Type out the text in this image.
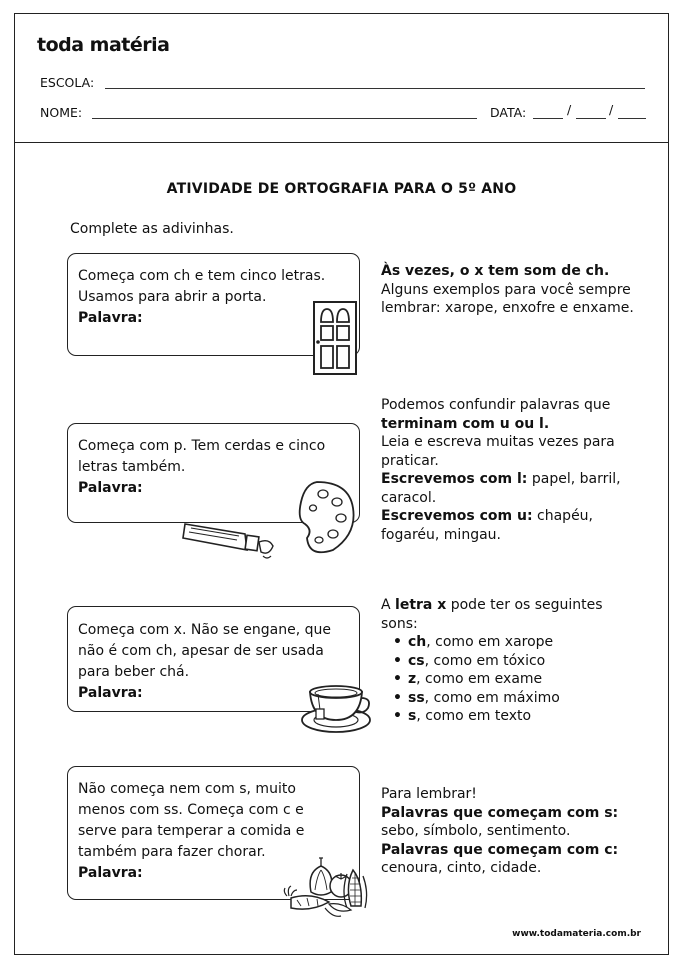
toda matéria
ESCOLA:
NOME:	DATA:	/	/
ATIVIDADE DE ORTOGRAFIA PARA O 5º ANO
Complete as adivinhas.
Começa com ch e tem cinco letras.
Usamos para abrir a porta.
Palavra:
Às vezes, o x tem som de ch.
Alguns exemplos para você sempre lembrar: xarope, enxofre e enxame.
Começa com p. Tem cerdas e cinco
letras também.
Palavra:
Podemos confundir palavras que terminam com u ou l.
Leia e escreva muitas vezes para praticar.
Escrevemos com l: papel, barril, caracol.
Escrevemos com u: chapéu, fogaréu, mingau.
Começa com x. Não se engane, que
não é com ch, apesar de ser usada
para beber chá.
Palavra:
A letra x pode ter os seguintes sons:
• ch, como em xarope
• cs, como em tóxico
• z, como em exame
• ss, como em máximo
• s, como em texto
Não começa nem com s, muito
menos com ss. Começa com c e
serve para temperar a comida e
também para fazer chorar.
Palavra:
Para lembrar!
Palavras que começam com s:
sebo, símbolo, sentimento.
Palavras que começam com c:
cenoura, cinto, cidade.
www.todamateria.com.br
